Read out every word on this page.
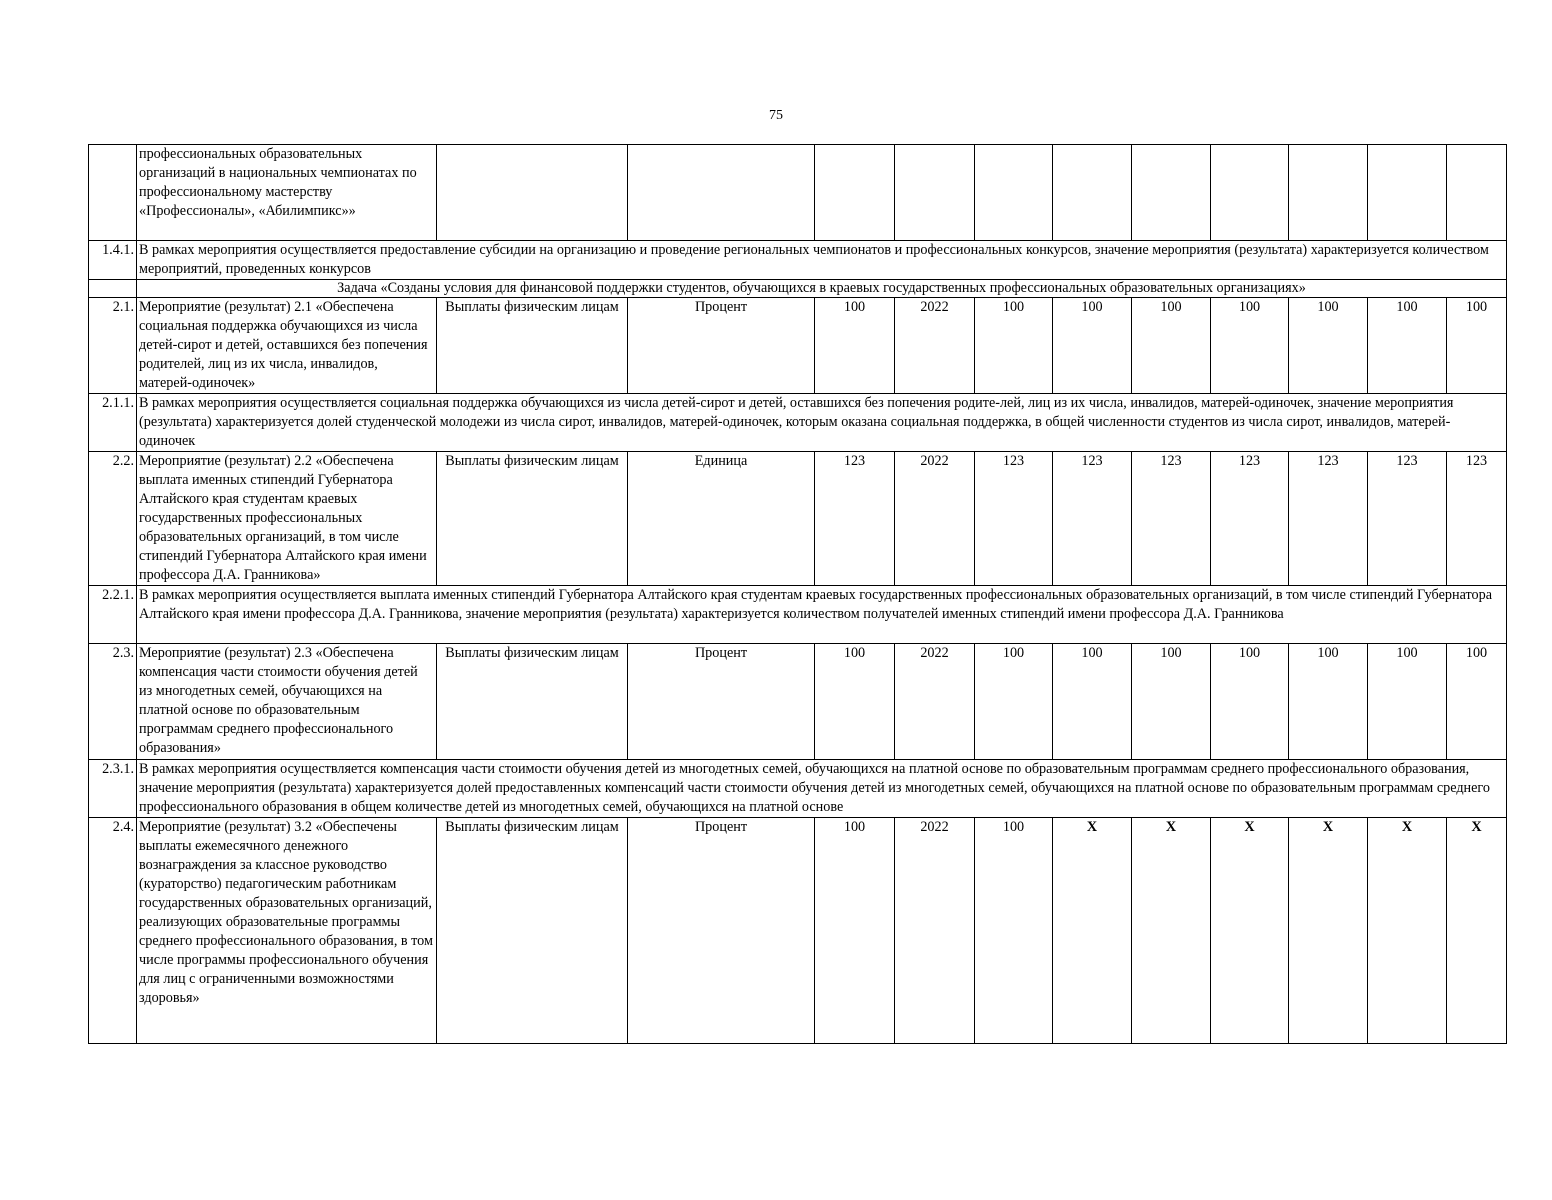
75
	профессиональных образовательных организаций в национальных чемпионатах по профессиональному мастерству «Профессионалы», «Абилимпикс»»											
1.4.1.	В рамках мероприятия осуществляется предоставление субсидии на организацию и проведение региональных чемпионатов и профессиональных конкурсов, значение мероприятия (результата) характеризуется количеством мероприятий, проведенных конкурсов											
	Задача «Созданы условия для финансовой поддержки студентов, обучающихся в краевых государственных профессиональных образовательных организациях»											
2.1.	Мероприятие (результат) 2.1 «Обеспечена социальная поддержка обучающихся из числа детей-сирот и детей, оставшихся без попечения родителей, лиц из их числа, инвалидов, матерей-одиночек»	Выплаты физическим лицам	Процент	100	2022	100	100	100	100	100	100	100
2.1.1.	В рамках мероприятия осуществляется социальная поддержка обучающихся из числа детей-сирот и детей, оставшихся без попечения родите-лей, лиц из их числа, инвалидов, матерей-одиночек, значение мероприятия (результата) характеризуется долей студенческой молодежи из числа сирот, инвалидов, матерей-одиночек, которым оказана социальная поддержка, в общей численности студентов из числа сирот, инвалидов, матерей-одиночек											
2.2.	Мероприятие (результат) 2.2 «Обеспечена выплата именных стипендий Губернатора Алтайского края студентам краевых государственных профессиональных образовательных организаций, в том числе стипендий Губернатора Алтайского края имени профессора Д.А. Гранникова»	Выплаты физическим лицам	Единица	123	2022	123	123	123	123	123	123	123
2.2.1.	В рамках мероприятия осуществляется выплата именных стипендий Губернатора Алтайского края студентам краевых государственных профессиональных образовательных организаций, в том числе стипендий Губернатора Алтайского края имени профессора Д.А. Гранникова, значение мероприятия (результата) характеризуется количеством получателей именных стипендий имени профессора Д.А. Гранникова											
2.3.	Мероприятие (результат) 2.3 «Обеспечена компенсация части стоимости обучения детей из многодетных семей, обучающихся на платной основе по образовательным программам среднего профессионального образования»	Выплаты физическим лицам	Процент	100	2022	100	100	100	100	100	100	100
2.3.1.	В рамках мероприятия осуществляется компенсация части стоимости обучения детей из многодетных семей, обучающихся на платной основе по образовательным программам среднего профессионального образования, значение мероприятия (результата) характеризуется долей предоставленных компенсаций части стоимости обучения детей из многодетных семей, обучающихся на платной основе по образовательным программам среднего профессионального образования в общем количестве детей из многодетных семей, обучающихся на платной основе											
2.4.	Мероприятие (результат) 3.2 «Обеспечены выплаты ежемесячного денежного вознаграждения за классное руководство (кураторство) педагогическим работникам государственных образовательных организаций, реализующих образовательные программы среднего профессионального образования, в том числе программы профессионального обучения для лиц с ограниченными возможностями здоровья»	Выплаты физическим лицам	Процент	100	2022	100	X	X	X	X	X	X
